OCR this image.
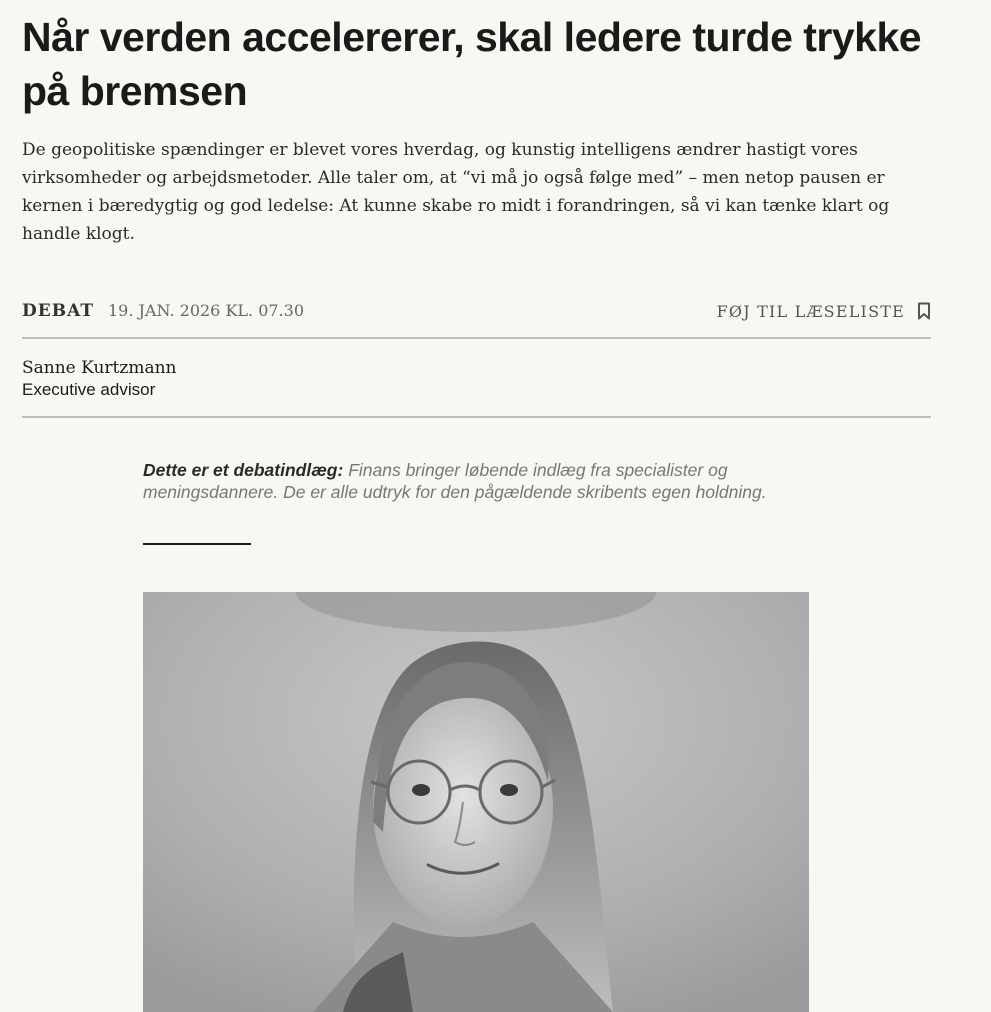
Når verden accelererer, skal ledere turde trykke på bremsen

De geopolitiske spændinger er blevet vores hverdag, og kunstig intelligens ændrer hastigt vores virksomheder og arbejdsmetoder. Alle taler om, at “vi må jo også følge med” – men netop pausen er kernen i bæredygtig og god ledelse: At kunne skabe ro midt i forandringen, så vi kan tænke klart og handle klogt.

DEBAT 19. JAN. 2026 KL. 07.30	FØJ TIL LÆSELISTE
Sanne Kurtzmann
Executive advisor
Dette er et debatindlæg: Finans bringer løbende indlæg fra specialister og meningsdannere. De er alle udtryk for den pågældende skribents egen holdning.
